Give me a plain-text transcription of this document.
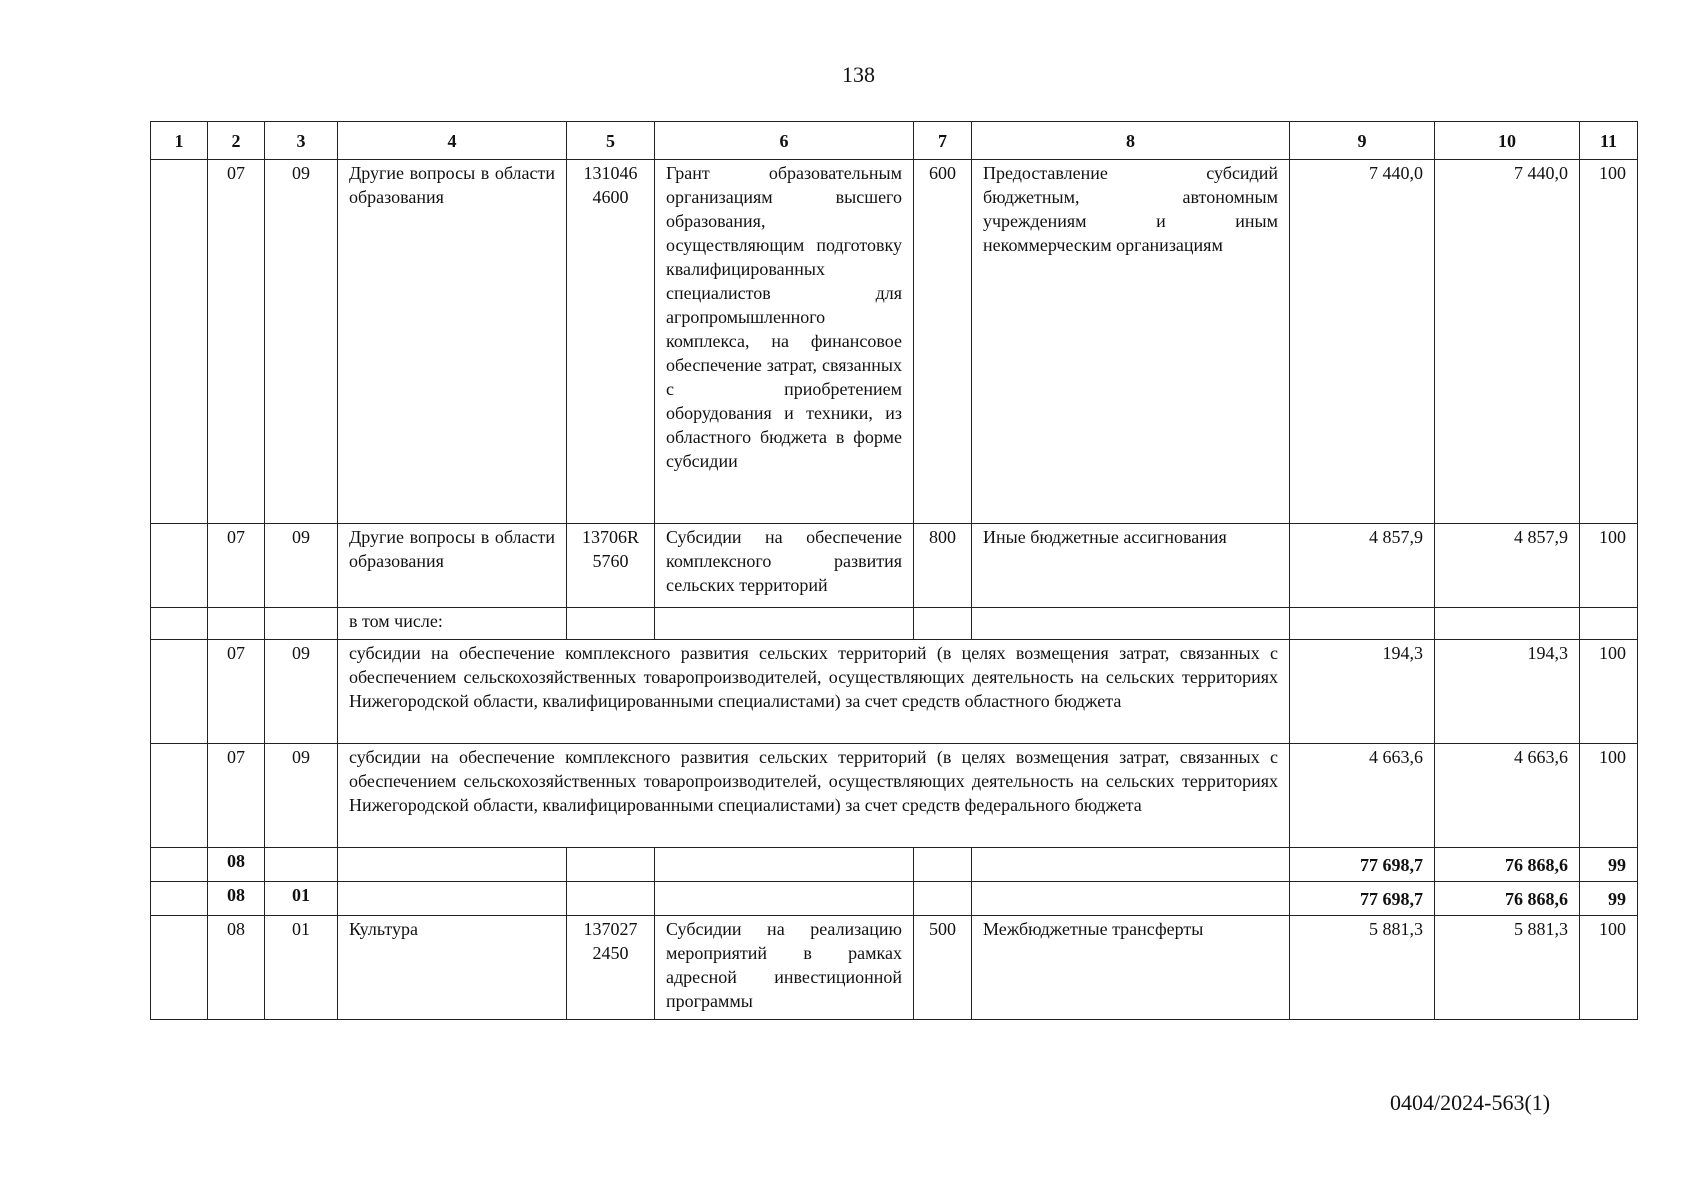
138
1	2	3	4	5	6	7	8	9	10	11
	07	09	Другие вопросы в области образования	131046 4600	Грант образовательным организациям высшего образования, осуществляющим подготовку квалифицированных специалистов для агропромышленного комплекса, на финансовое обеспечение затрат, связанных с приобретением оборудования и техники, из областного бюджета в форме субсидии	600	Предоставление субсидий бюджетным, автономным учреждениям и иным некоммерческим организациям	7 440,0	7 440,0	100
	07	09	Другие вопросы в области образования	13706R 5760	Субсидии на обеспечение комплексного развития сельских территорий	800	Иные бюджетные ассигнования	4 857,9	4 857,9	100
			в том числе:							
	07	09	субсидии на обеспечение комплексного развития сельских территорий (в целях возмещения затрат, связанных с обеспечением сельскохозяйственных товаропроизводителей, осуществляющих деятельность на сельских территориях Нижегородской области, квалифицированными специалистами) за счет средств областного бюджета					194,3	194,3	100
	07	09	субсидии на обеспечение комплексного развития сельских территорий (в целях возмещения затрат, связанных с обеспечением сельскохозяйственных товаропроизводителей, осуществляющих деятельность на сельских территориях Нижегородской области, квалифицированными специалистами) за счет средств федерального бюджета					4 663,6	4 663,6	100
	08							77 698,7	76 868,6	99
	08	01						77 698,7	76 868,6	99
	08	01	Культура	137027 2450	Субсидии на реализацию мероприятий в рамках адресной инвестиционной программы	500	Межбюджетные трансферты	5 881,3	5 881,3	100
0404/2024-563(1)
